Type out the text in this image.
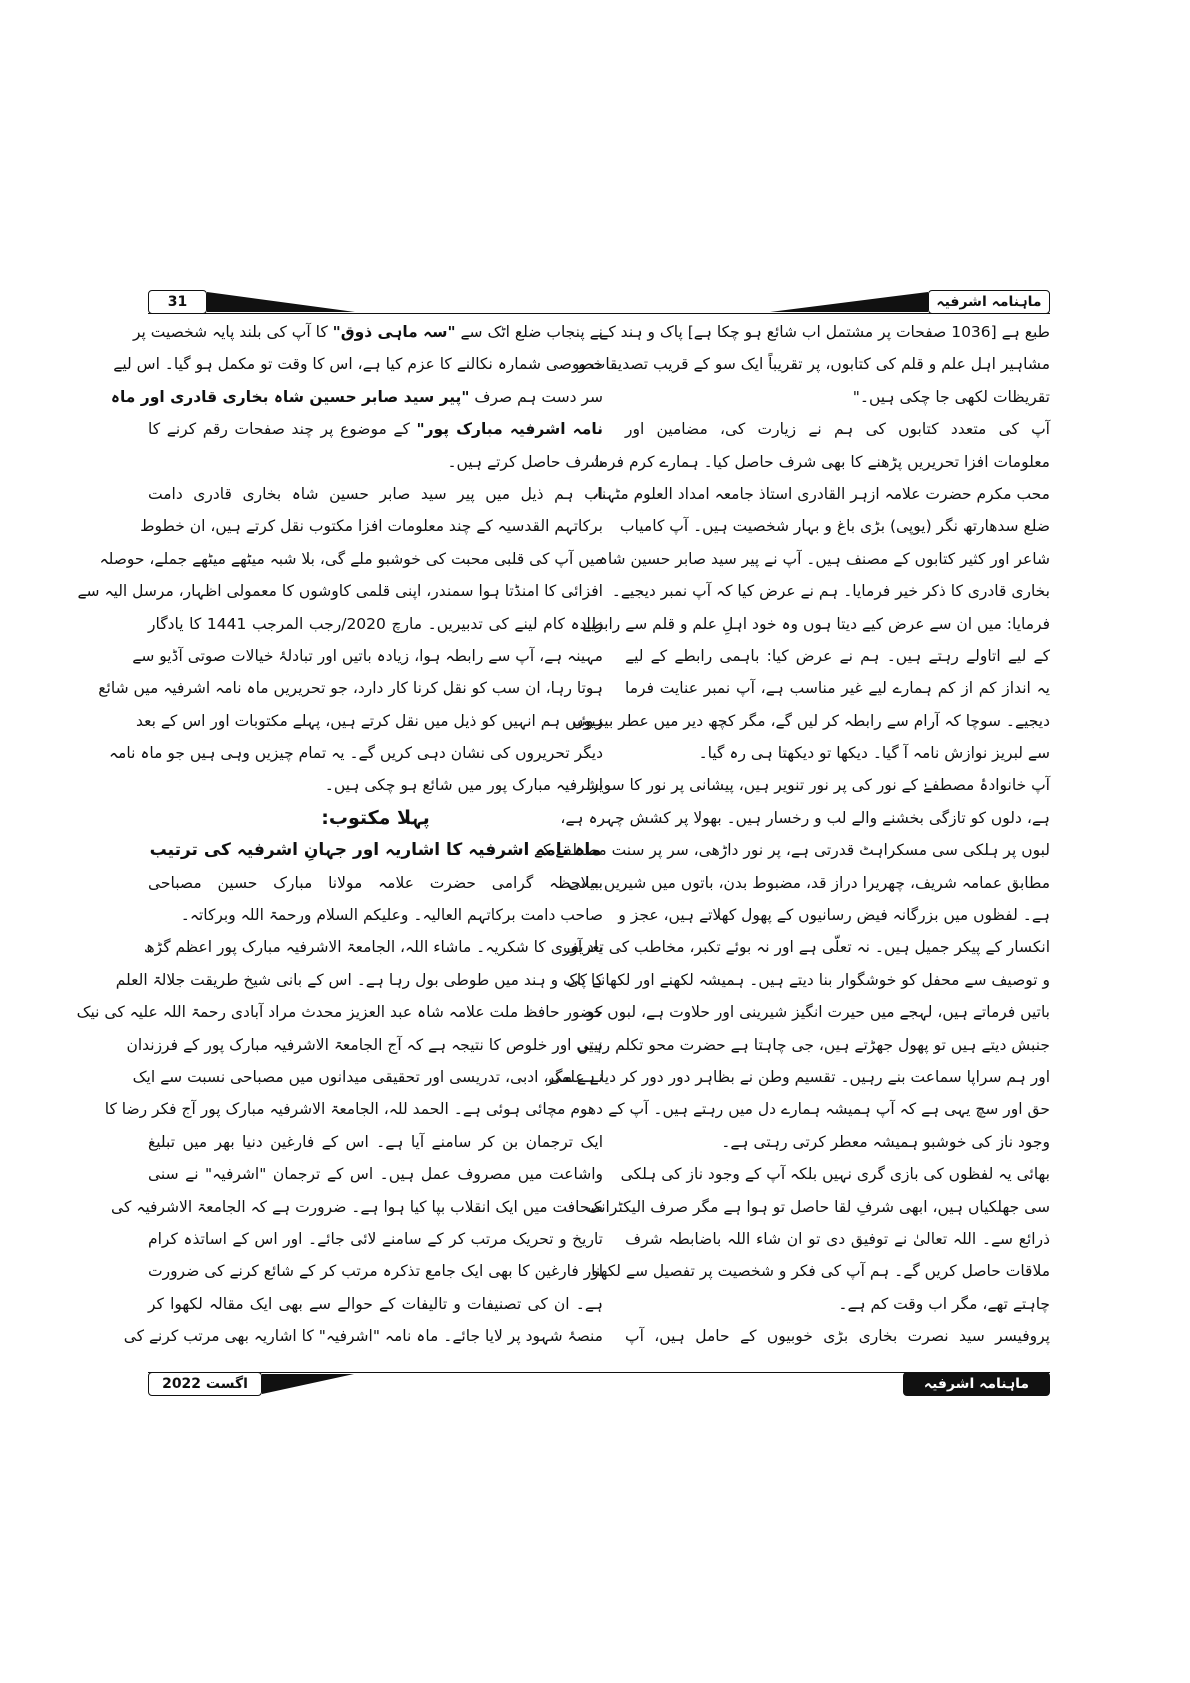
ماہنامہ اشرفیہ
31
طبع ہے [1036 صفحات پر مشتمل اب شائع ہو چکا ہے] پاک و ہند کے
مشاہیر اہل علم و قلم کی کتابوں، پر تقریباً ایک سو کے قریب تصدیقات و
تقریظات لکھی جا چکی ہیں۔"
آپ کی متعدد کتابوں کی ہم نے زیارت کی، مضامین اور
معلومات افزا تحریریں پڑھنے کا بھی شرف حاصل کیا۔ ہمارے کرم فرما
محب مکرم حضرت علامہ ازہر القادری استاذ جامعہ امداد العلوم مٹہنا،
ضلع سدھارتھ نگر (یوپی) بڑی باغ و بہار شخصیت ہیں۔ آپ کامیاب
شاعر اور کثیر کتابوں کے مصنف ہیں۔ آپ نے پیر سید صابر حسین شاہ
بخاری قادری کا ذکر خیر فرمایا۔ ہم نے عرض کیا کہ آپ نمبر دیجیے۔
فرمایا: میں ان سے عرض کیے دیتا ہوں وہ خود اہلِ علم و قلم سے رابطے
کے لیے اتاولے رہتے ہیں۔ ہم نے عرض کیا: باہمی رابطے کے لیے
یہ انداز کم از کم ہمارے لیے غیر مناسب ہے، آپ نمبر عنایت فرما
دیجیے۔ سوچا کہ آرام سے رابطہ کر لیں گے، مگر کچھ دیر میں عطر بیزیوں
سے لبریز نوازش نامہ آ گیا۔ دیکھا تو دیکھتا ہی رہ گیا۔
آپ خانوادۂ مصطفےٰ کے نور کی پر نور تنویر ہیں، پیشانی پر نور کا سویرا
ہے، دلوں کو تازگی بخشنے والے لب و رخسار ہیں۔ بھولا پر کشش چہرہ ہے،
لبوں پر ہلکی سی مسکراہٹ قدرتی ہے، پر نور داڑھی، سر پر سنت مصطفےٰ کے
مطابق عمامہ شریف، چھریرا دراز قد، مضبوط بدن، باتوں میں شیریں بیانی
ہے۔ لفظوں میں بزرگانہ فیض رسانیوں کے پھول کھلاتے ہیں، عجز و
انکسار کے پیکر جمیل ہیں۔ نہ تعلّی ہے اور نہ بوئے تکبر، مخاطب کی تعریف
و توصیف سے محفل کو خوشگوار بنا دیتے ہیں۔ ہمیشہ لکھنے اور لکھانے کی
باتیں فرماتے ہیں، لہجے میں حیرت انگیز شیرینی اور حلاوت ہے، لبوں کو
جنبش دیتے ہیں تو پھول جھڑتے ہیں، جی چاہتا ہے حضرت محو تکلم رہیں
اور ہم سراپا سماعت بنے رہیں۔ تقسیم وطن نے بظاہر دور دور کر دیا ہے مگر
حق اور سچ یہی ہے کہ آپ ہمیشہ ہمارے دل میں رہتے ہیں۔ آپ کے
وجود ناز کی خوشبو ہمیشہ معطر کرتی رہتی ہے۔
بھائی یہ لفظوں کی بازی گری نہیں بلکہ آپ کے وجود ناز کی ہلکی
سی جھلکیاں ہیں، ابھی شرفِ لقا حاصل تو ہوا ہے مگر صرف الیکٹرانک
ذرائع سے۔ اللہ تعالیٰ نے توفیق دی تو ان شاء اللہ باضابطہ شرف
ملاقات حاصل کریں گے۔ ہم آپ کی فکر و شخصیت پر تفصیل سے لکھنا
چاہتے تھے، مگر اب وقت کم ہے۔
پروفیسر سید نصرت بخاری بڑی خوبیوں کے حامل ہیں، آپ
نے پنجاب ضلع اٹک سے "سہ ماہی ذوق" کا آپ کی بلند پایہ شخصیت پر
خصوصی شمارہ نکالنے کا عزم کیا ہے، اس کا وقت تو مکمل ہو گیا۔ اس لیے
سر دست ہم صرف "پیر سید صابر حسین شاہ بخاری قادری اور ماہ
نامہ اشرفیہ مبارک پور" کے موضوع پر چند صفحات رقم کرنے کا
شرف حاصل کرتے ہیں۔
اب ہم ذیل میں پیر سید صابر حسین شاہ بخاری قادری دامت
برکاتہم القدسیہ کے چند معلومات افزا مکتوب نقل کرتے ہیں، ان خطوط
میں آپ کی قلبی محبت کی خوشبو ملے گی، بلا شبہ میٹھے میٹھے جملے، حوصلہ
افزائی کا امنڈتا ہوا سمندر، اپنی قلمی کاوشوں کا معمولی اظہار، مرسل الیہ سے
زیادہ کام لینے کی تدبیریں۔ مارچ 2020/رجب المرجب 1441 کا یادگار
مہینہ ہے، آپ سے رابطہ ہوا، زیادہ باتیں اور تبادلۂ خیالات صوتی آڈیو سے
ہوتا رہا، ان سب کو نقل کرنا کار دارد، جو تحریریں ماہ نامہ اشرفیہ میں شائع
ہوئیں ہم انہیں کو ذیل میں نقل کرتے ہیں، پہلے مکتوبات اور اس کے بعد
دیگر تحریروں کی نشان دہی کریں گے۔ یہ تمام چیزیں وہی ہیں جو ماہ نامہ
اشرفیہ مبارک پور میں شائع ہو چکی ہیں۔
پہلا مکتوب:
ماہ نامہ اشرفیہ کا اشاریہ اور جہانِ اشرفیہ کی ترتیب
بملاحظہ گرامی حضرت علامہ مولانا مبارک حسین مصباحی
صاحب دامت برکاتہم العالیہ۔ وعلیکم السلام ورحمۃ اللہ وبرکاتہ۔
یاد آوری کا شکریہ۔ ماشاء اللہ، الجامعۃ الاشرفیہ مبارک پور اعظم گڑھ
کا پاک و ہند میں طوطی بول رہا ہے۔ اس کے بانی شیخ طریقت جلالۃ العلم
حضور حافظ ملت علامہ شاہ عبد العزیز محدث مراد آبادی رحمۃ اللہ علیہ کی نیک
نیتی اور خلوص کا نتیجہ ہے کہ آج الجامعۃ الاشرفیہ مبارک پور کے فرزندان
نے علمی، ادبی، تدریسی اور تحقیقی میدانوں میں مصباحی نسبت سے ایک
دھوم مچائی ہوئی ہے۔ الحمد للہ، الجامعۃ الاشرفیہ مبارک پور آج فکر رضا کا
ایک ترجمان بن کر سامنے آیا ہے۔ اس کے فارغین دنیا بھر میں تبلیغ
واشاعت میں مصروف عمل ہیں۔ اس کے ترجمان "اشرفیہ" نے سنی
صحافت میں ایک انقلاب بپا کیا ہوا ہے۔ ضرورت ہے کہ الجامعۃ الاشرفیہ کی
تاریخ و تحریک مرتب کر کے سامنے لائی جائے۔ اور اس کے اساتذہ کرام
اور فارغین کا بھی ایک جامع تذکرہ مرتب کر کے شائع کرنے کی ضرورت
ہے۔ ان کی تصنیفات و تالیفات کے حوالے سے بھی ایک مقالہ لکھوا کر
منصۂ شہود پر لایا جائے۔ ماہ نامہ "اشرفیہ" کا اشاریہ بھی مرتب کرنے کی
اگست 2022	ماہنامہ اشرفیہ
